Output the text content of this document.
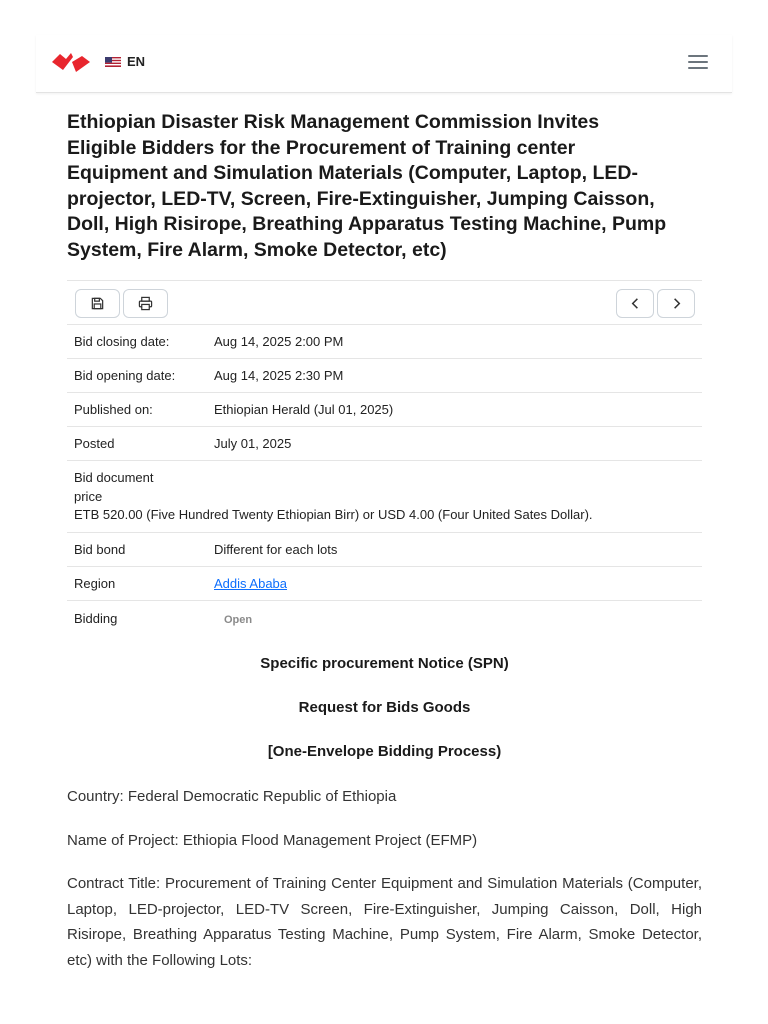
EN
Ethiopian Disaster Risk Management Commission Invites Eligible Bidders for the Procurement of Training center Equipment and Simulation Materials (Computer, Laptop, LED-projector, LED-TV, Screen, Fire-Extinguisher, Jumping Caisson, Doll, High Risirope, Breathing Apparatus Testing Machine, Pump System, Fire Alarm, Smoke Detector, etc)
Bid closing date:	Aug 14, 2025 2:00 PM
Bid opening date:	Aug 14, 2025 2:30 PM
Published on:	Ethiopian Herald (Jul 01, 2025)
Posted	July 01, 2025
Bid document price
ETB 520.00 (Five Hundred Twenty Ethiopian Birr) or USD 4.00 (Four United Sates Dollar).
Bid bond	Different for each lots
Region	Addis Ababa
Bidding	Open

Specific procurement Notice (SPN)

Request for Bids Goods

[One-Envelope Bidding Process)

Country: Federal Democratic Republic of Ethiopia

Name of Project: Ethiopia Flood Management Project (EFMP)

Contract Title: Procurement of Training Center Equipment and Simulation Materials (Computer, Laptop, LED-projector, LED-TV Screen, Fire-Extinguisher, Jumping Caisson, Doll, High Risirope, Breathing Apparatus Testing Machine, Pump System, Fire Alarm, Smoke Detector, etc) with the Following Lots:
